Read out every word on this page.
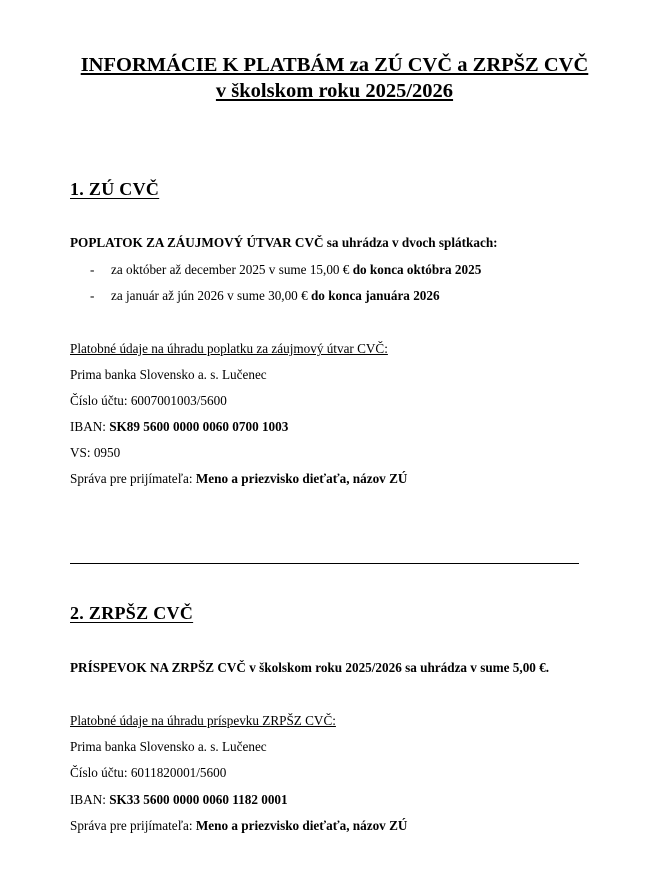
INFORMÁCIE K PLATBÁM za ZÚ CVČ a ZRPŠZ CVČ
v školskom roku 2025/2026
1. ZÚ CVČ
POPLATOK ZA ZÁUJMOVÝ ÚTVAR CVČ sa uhrádza v dvoch splátkach:
- za október až december 2025 v sume 15,00 € do konca októbra 2025
- za január až jún 2026 v sume 30,00 € do konca januára 2026
Platobné údaje na úhradu poplatku za záujmový útvar CVČ:
Prima banka Slovensko a. s. Lučenec
Číslo účtu: 6007001003/5600
IBAN: SK89 5600 0000 0060 0700 1003
VS: 0950
Správa pre prijímateľa: Meno a priezvisko dieťaťa, názov ZÚ
2. ZRPŠZ CVČ
PRÍSPEVOK NA ZRPŠZ CVČ v školskom roku 2025/2026 sa uhrádza v sume 5,00 €.
Platobné údaje na úhradu príspevku ZRPŠZ CVČ:
Prima banka Slovensko a. s. Lučenec
Číslo účtu: 6011820001/5600
IBAN: SK33 5600 0000 0060 1182 0001
Správa pre prijímateľa: Meno a priezvisko dieťaťa, názov ZÚ
